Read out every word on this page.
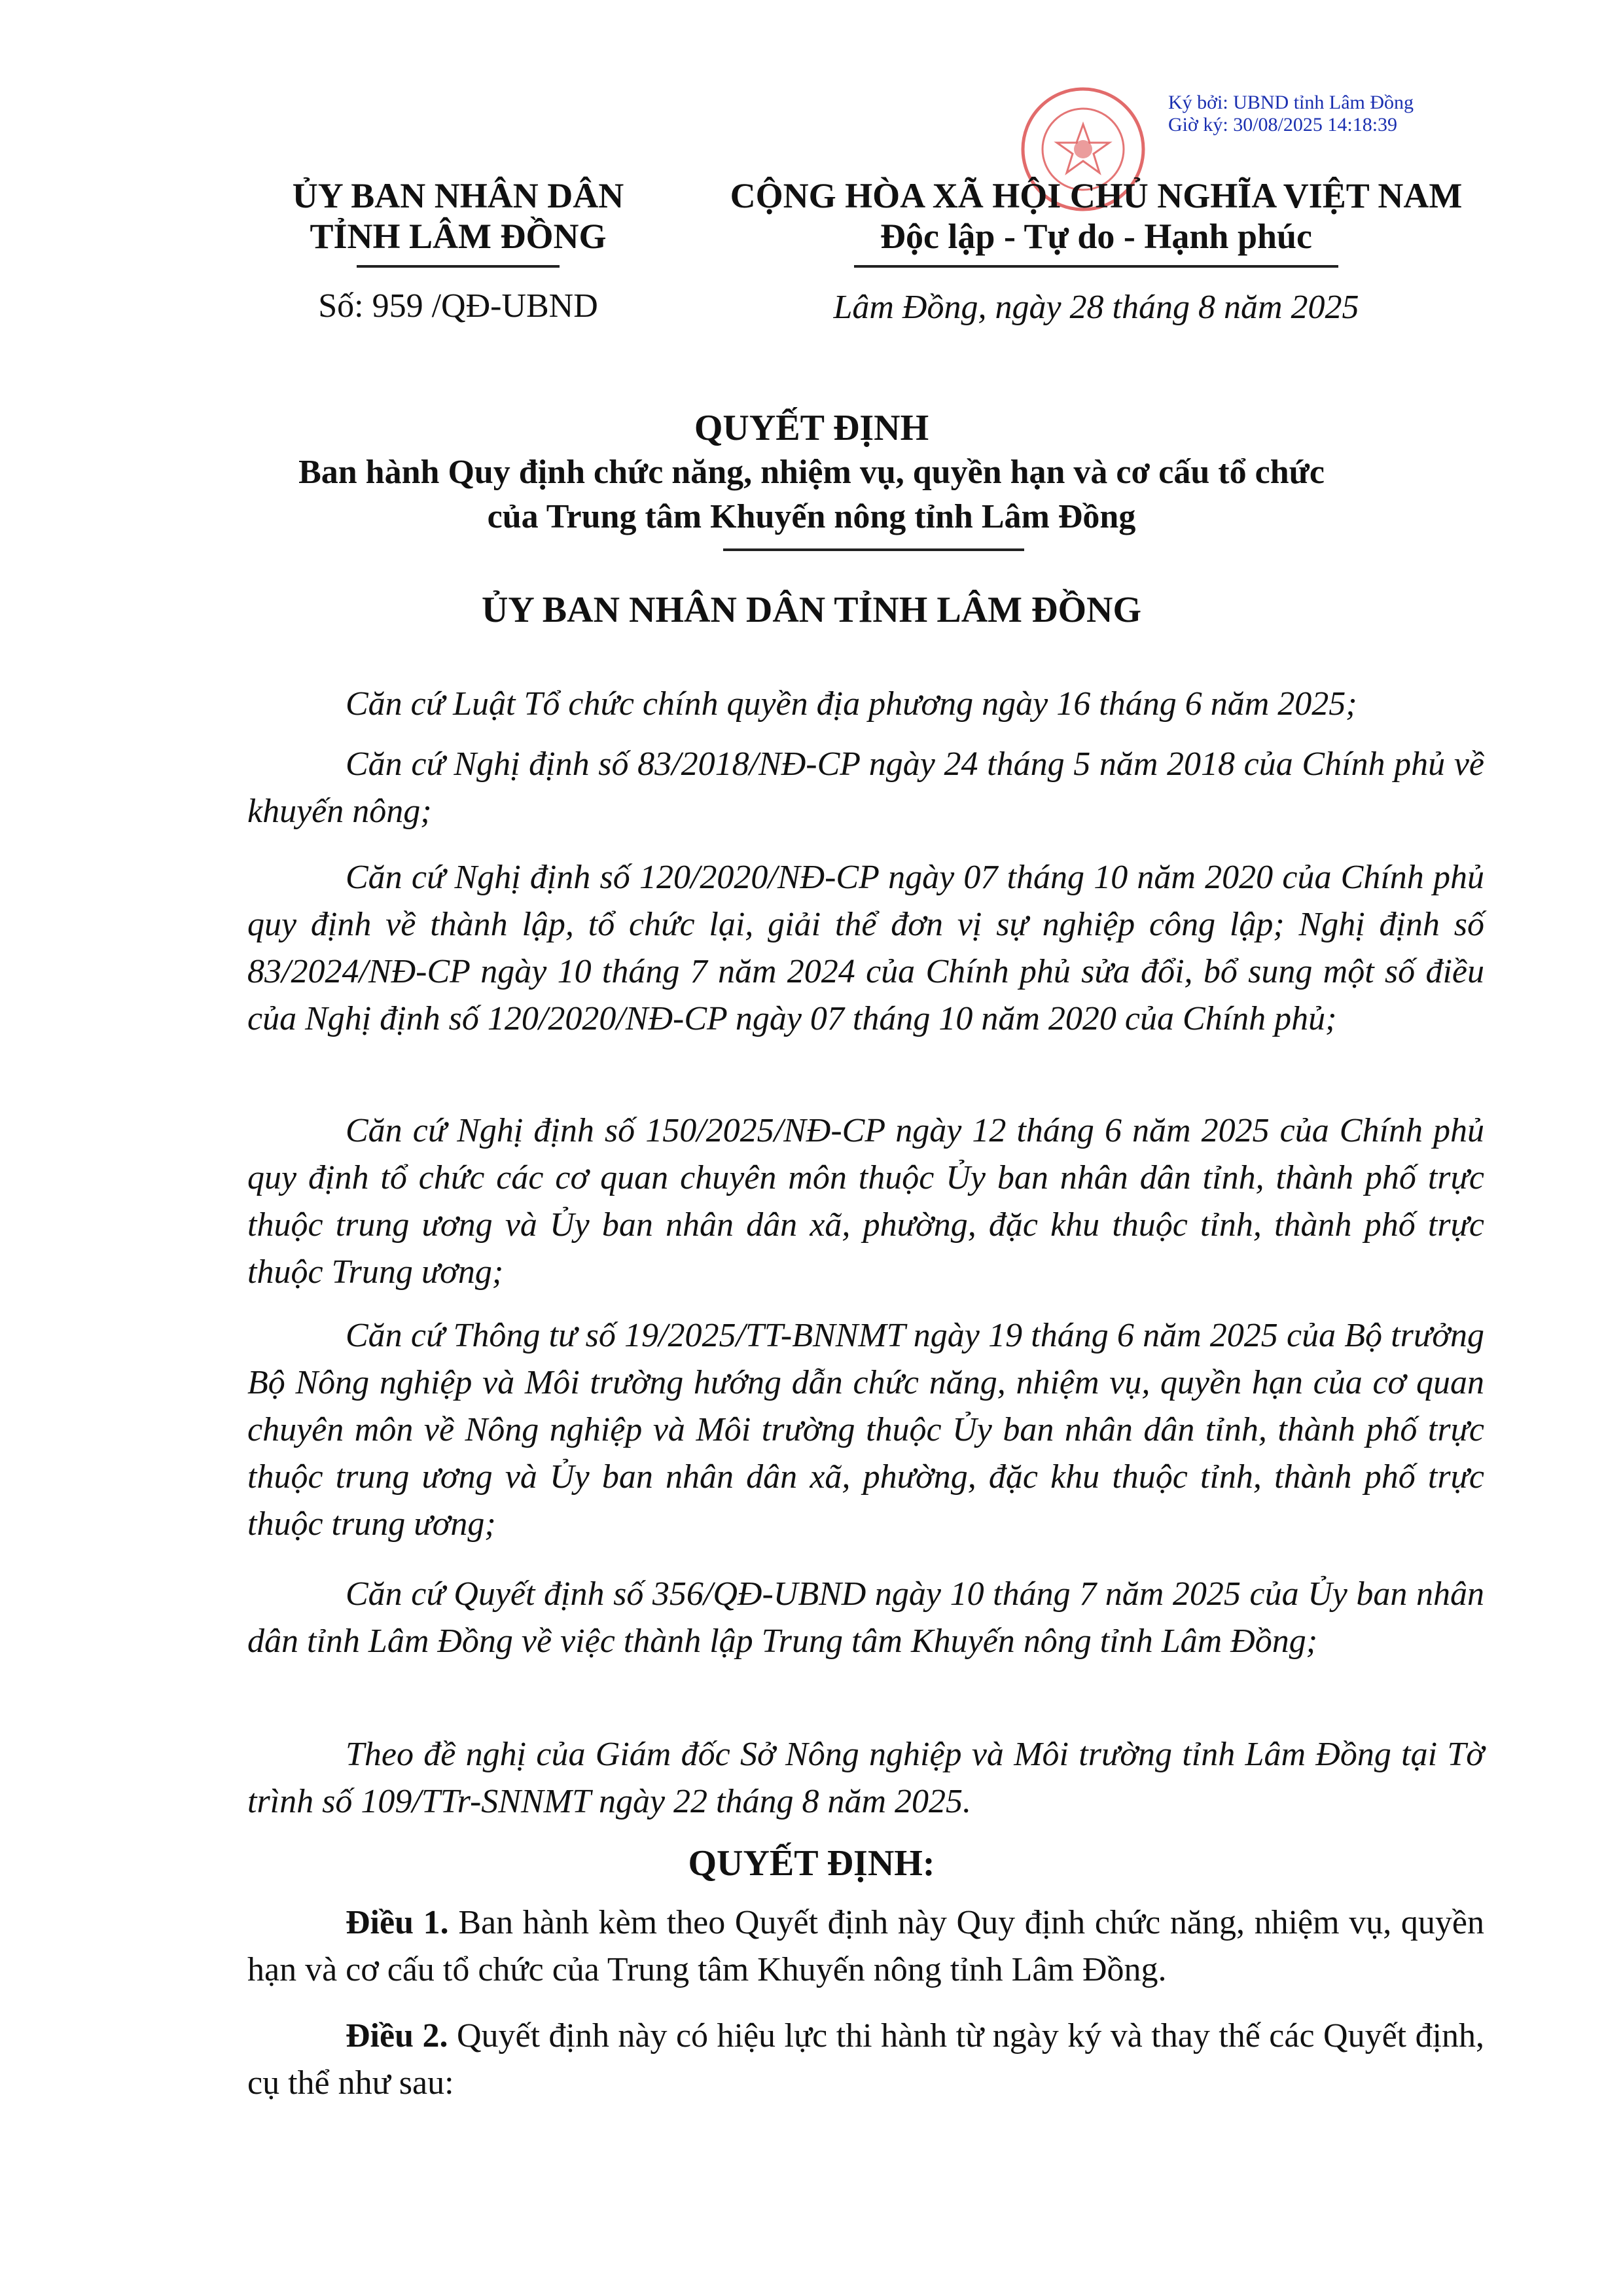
Ký bởi: UBND tỉnh Lâm Đồng
Giờ ký: 30/08/2025 14:18:39
ỦY BAN NHÂN DÂN
TỈNH LÂM ĐỒNG
Số: 959 /QĐ-UBND
CỘNG HÒA XÃ HỘI CHỦ NGHĨA VIỆT NAM
Độc lập - Tự do - Hạnh phúc
Lâm Đồng, ngày 28 tháng 8 năm 2025
QUYẾT ĐỊNH
Ban hành Quy định chức năng, nhiệm vụ, quyền hạn và cơ cấu tổ chức
của Trung tâm Khuyến nông tỉnh Lâm Đồng
ỦY BAN NHÂN DÂN TỈNH LÂM ĐỒNG
Căn cứ Luật Tổ chức chính quyền địa phương ngày 16 tháng 6 năm 2025;
Căn cứ Nghị định số 83/2018/NĐ-CP ngày 24 tháng 5 năm 2018 của Chính phủ về khuyến nông;
Căn cứ Nghị định số 120/2020/NĐ-CP ngày 07 tháng 10 năm 2020 của Chính phủ quy định về thành lập, tổ chức lại, giải thể đơn vị sự nghiệp công lập; Nghị định số 83/2024/NĐ-CP ngày 10 tháng 7 năm 2024 của Chính phủ sửa đổi, bổ sung một số điều của Nghị định số 120/2020/NĐ-CP ngày 07 tháng 10 năm 2020 của Chính phủ;
Căn cứ Nghị định số 150/2025/NĐ-CP ngày 12 tháng 6 năm 2025 của Chính phủ quy định tổ chức các cơ quan chuyên môn thuộc Ủy ban nhân dân tỉnh, thành phố trực thuộc trung ương và Ủy ban nhân dân xã, phường, đặc khu thuộc tỉnh, thành phố trực thuộc Trung ương;
Căn cứ Thông tư số 19/2025/TT-BNNMT ngày 19 tháng 6 năm 2025 của Bộ trưởng Bộ Nông nghiệp và Môi trường hướng dẫn chức năng, nhiệm vụ, quyền hạn của cơ quan chuyên môn về Nông nghiệp và Môi trường thuộc Ủy ban nhân dân tỉnh, thành phố trực thuộc trung ương và Ủy ban nhân dân xã, phường, đặc khu thuộc tỉnh, thành phố trực thuộc trung ương;
Căn cứ Quyết định số 356/QĐ-UBND ngày 10 tháng 7 năm 2025 của Ủy ban nhân dân tỉnh Lâm Đồng về việc thành lập Trung tâm Khuyến nông tỉnh Lâm Đồng;
Theo đề nghị của Giám đốc Sở Nông nghiệp và Môi trường tỉnh Lâm Đồng tại Tờ trình số 109/TTr-SNNMT ngày 22 tháng 8 năm 2025.
QUYẾT ĐỊNH:
Điều 1. Ban hành kèm theo Quyết định này Quy định chức năng, nhiệm vụ, quyền hạn và cơ cấu tổ chức của Trung tâm Khuyến nông tỉnh Lâm Đồng.
Điều 2. Quyết định này có hiệu lực thi hành từ ngày ký và thay thế các Quyết định, cụ thể như sau:
